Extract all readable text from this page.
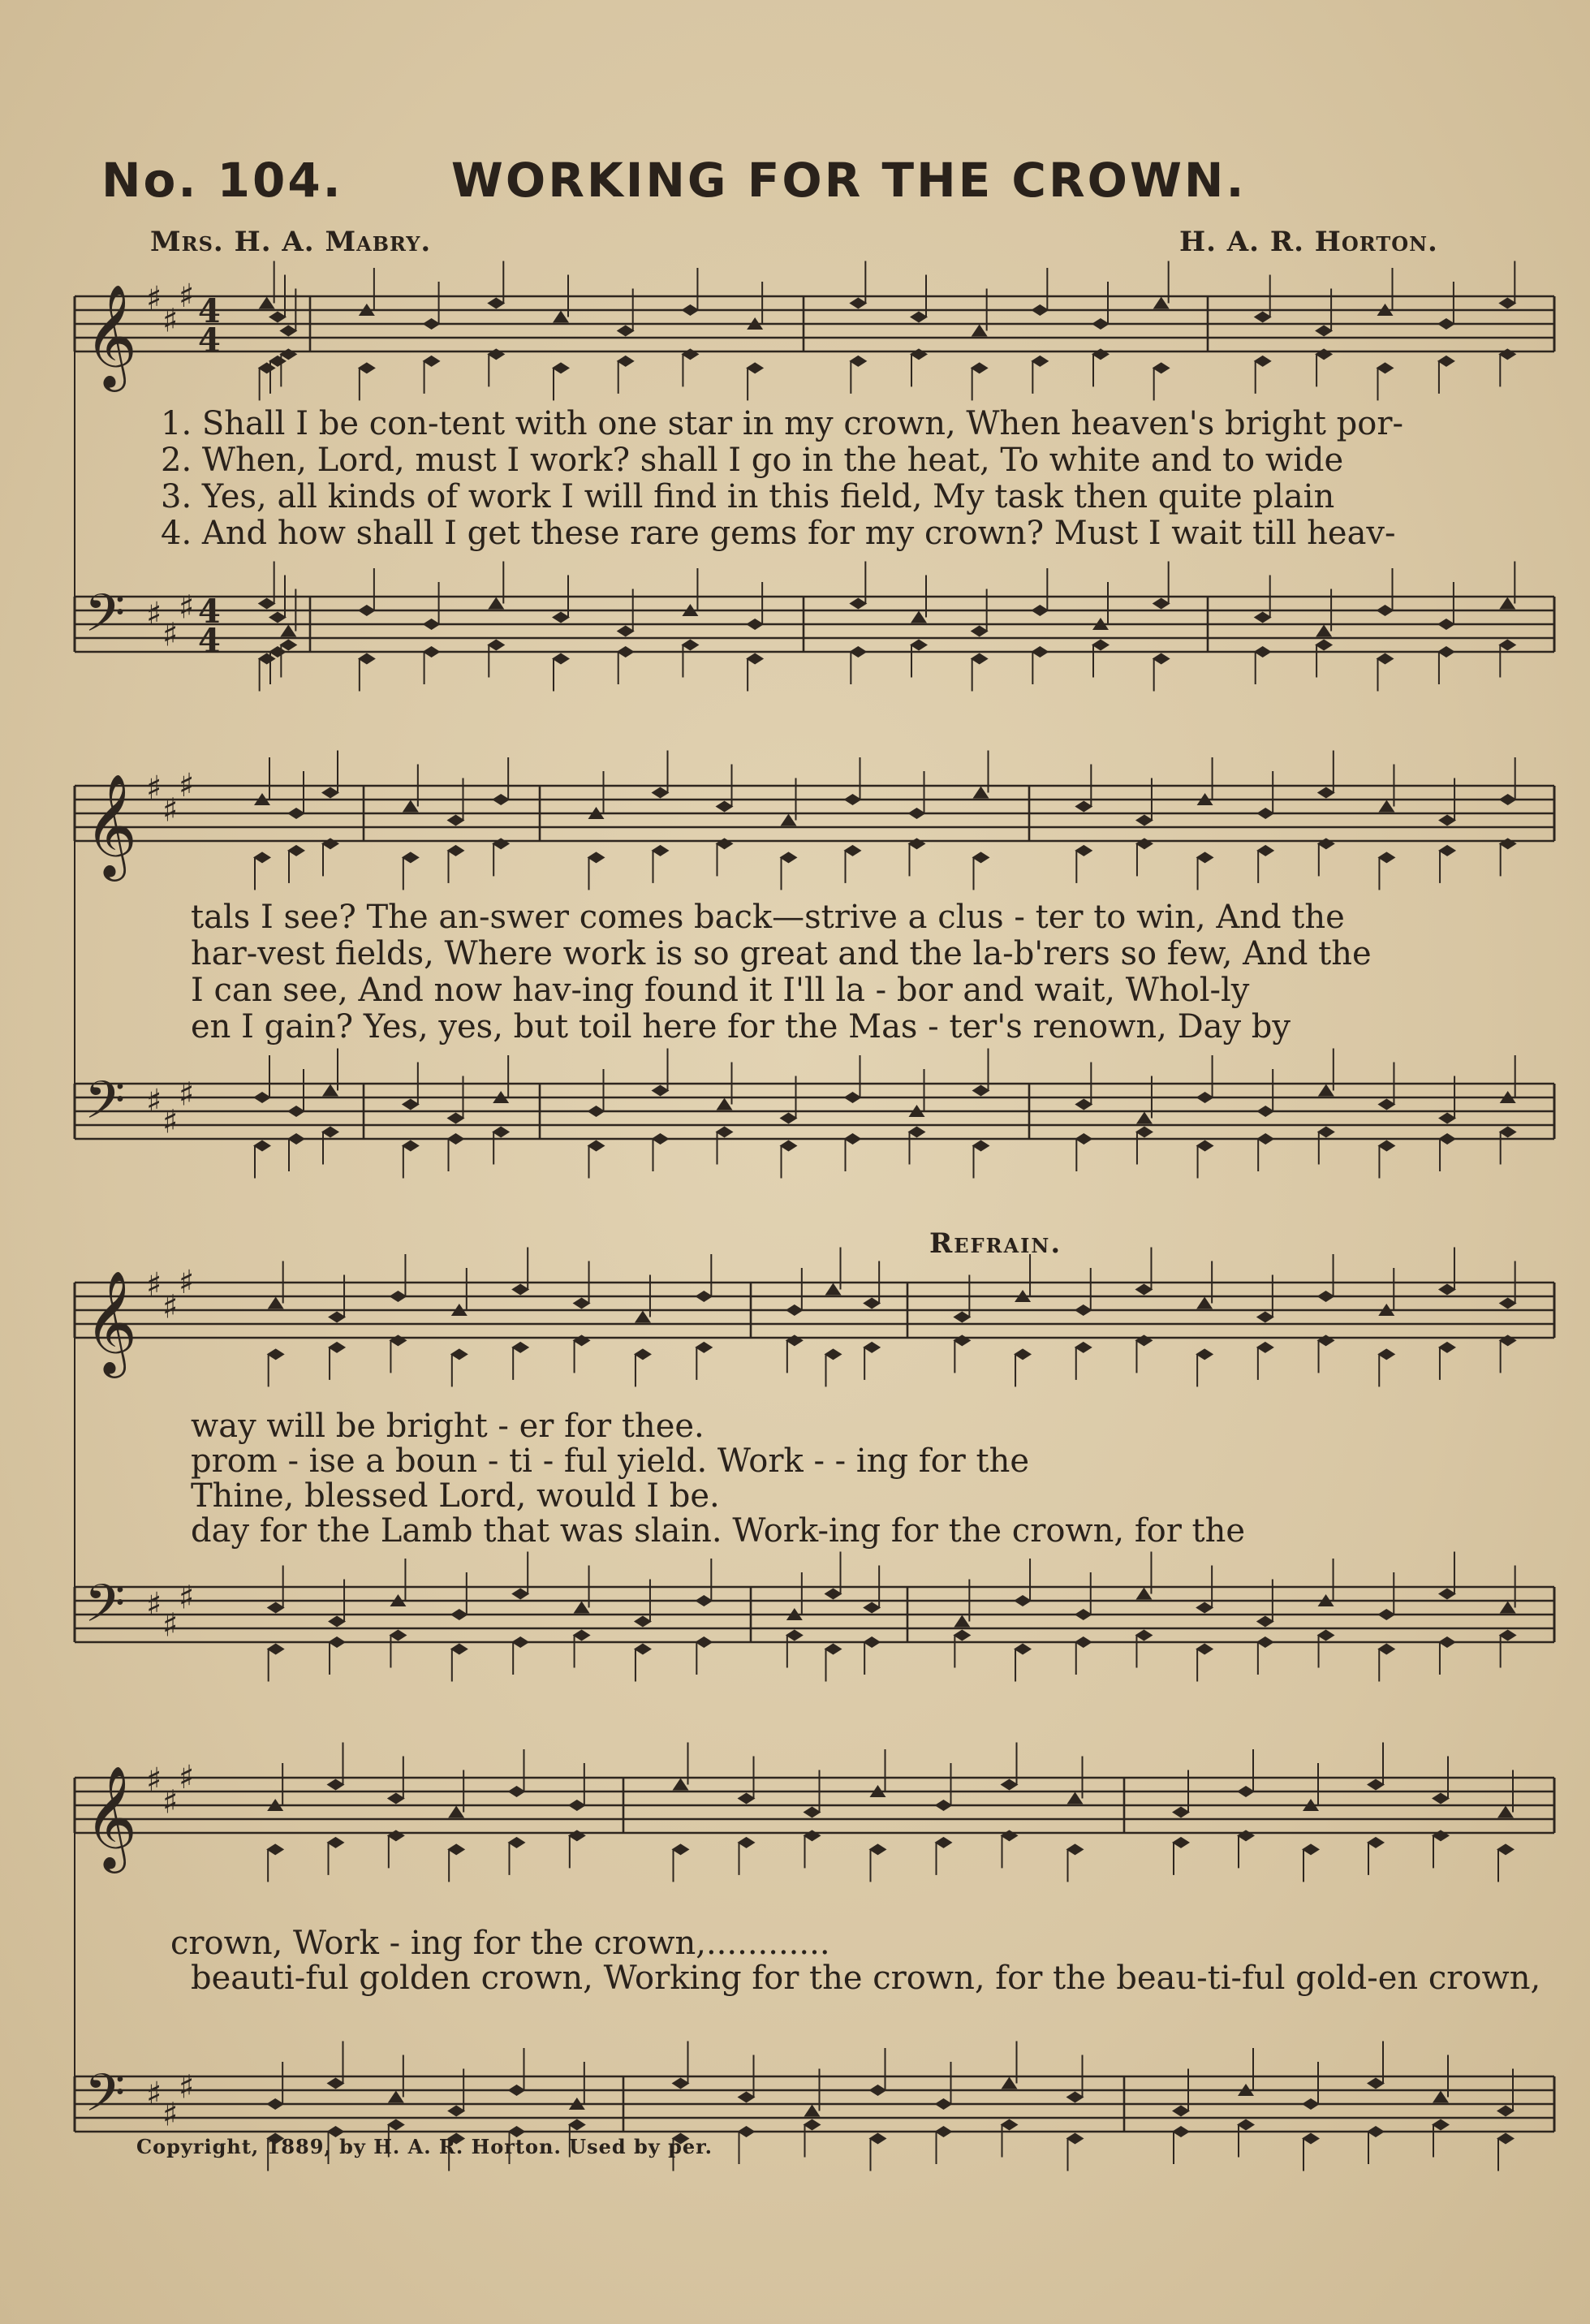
No. 104. WORKING FOR THE CROWN.
Mrs. H. A. Mabry.	H. A. R. Horton.
𝄞 ♯
♯
♯ 4
4
𝄢 ♯
♯
♯ 4
4
𝄞 ♯
♯
♯
𝄢 ♯
♯
♯
𝄞 ♯
♯
♯
𝄢 ♯
♯
♯
𝄞 ♯
♯
♯
𝄢 ♯
♯
♯
1. Shall I be con-tent with one star in my crown, When heaven's bright por-
2. When, Lord, must I work? shall I go in the heat, To white and to wide
3. Yes, all kinds of work I will find in this field, My task then quite plain
4. And how shall I get these rare gems for my crown? Must I wait till heav-
tals I see? The an-swer comes back—strive a clus - ter to win, And the
har-vest fields, Where work is so great and the la-b'rers so few, And the
I can see, And now hav-ing found it I'll la - bor and wait, Whol-ly
en I gain? Yes, yes, but toil here for the Mas - ter's renown, Day by
Refrain.
way will be bright - er for thee.
prom - ise a boun - ti - ful yield. Work - - ing for the
Thine, blessed Lord, would I be.
day for the Lamb that was slain. Work-ing for the crown, for the
crown, Work - ing for the crown,............
beauti-ful golden crown, Working for the crown, for the beau-ti-ful gold-en crown,
Copyright, 1889, by H. A. R. Horton. Used by per.
